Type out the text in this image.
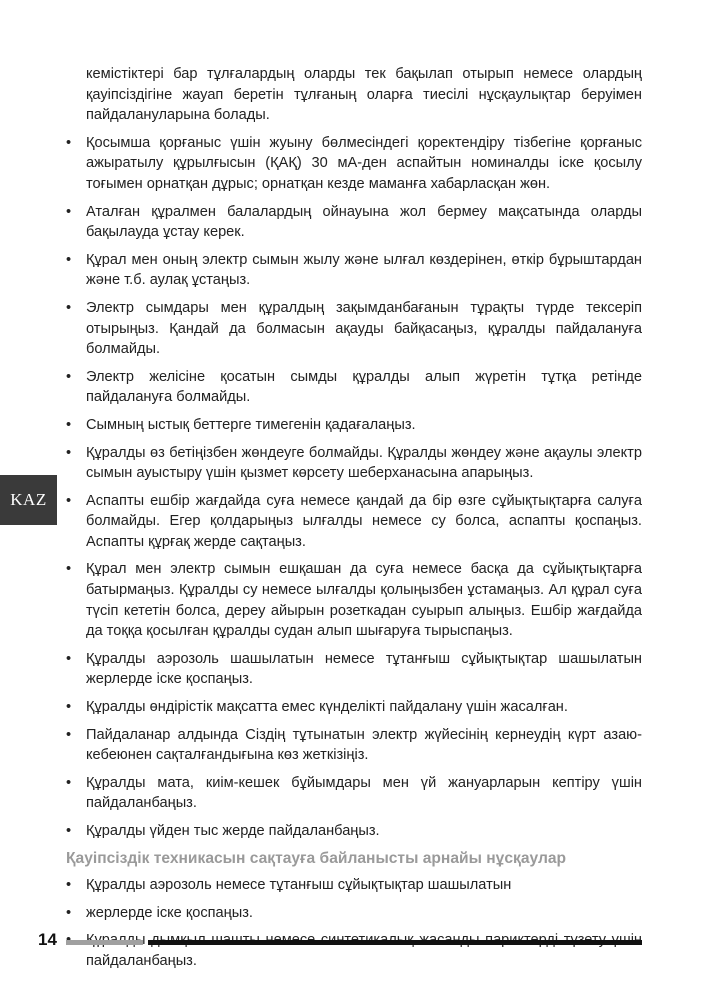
KAZ
кемістіктері бар тұлғалардың оларды тек бақылап отырып немесе олардың қауіпсіздігіне жауап беретін тұлғаның оларға тиесілі нұсқаулықтар беруімен пайдалануларына болады.
• Қосымша қорғаныс үшін жуыну бөлмесіндегі қоректендіру тізбегіне қорғаныс ажыратылу құрылғысын (ҚАҚ) 30 мА-ден аспайтын номиналды іске қосылу тоғымен орнатқан дұрыс; орнатқан кезде маманға хабарласқан жөн.
• Аталған құралмен балалардың ойнауына жол бермеу мақсатында оларды бақылауда ұстау керек.
• Құрал мен оның электр сымын жылу және ылғал көздерінен, өткір бұрыштардан және т.б. аулақ ұстаңыз.
• Электр сымдары мен құралдың зақымданбағанын тұрақты түрде тексеріп отырыңыз. Қандай да болмасын ақауды байқасаңыз, құралды пайдалануға болмайды.
• Электр желісіне қосатын сымды құралды алып жүретін тұтқа ретінде пайдалануға болмайды.
• Сымның ыстық беттерге тимегенін қадағалаңыз.
• Құралды өз бетіңізбен жөндеуге болмайды. Құралды жөндеу және ақаулы электр сымын ауыстыру үшін қызмет көрсету шеберханасына апарыңыз.
• Аспапты ешбір жағдайда суға немесе қандай да бір өзге сұйықтықтарға салуға болмайды. Егер қолдарыңыз ылғалды немесе су болса, аспапты қоспаңыз. Аспапты құрғақ жерде сақтаңыз.
• Құрал мен электр сымын ешқашан да суға немесе басқа да сұйықтықтарға батырмаңыз. Құралды су немесе ылғалды қолыңызбен ұстамаңыз. Ал құрал суға түсіп кететін болса, дереу айырын розеткадан суырып алыңыз. Ешбір жағдайда да тоққа қосылған құралды судан алып шығаруға тырыспаңыз.
• Құралды аэрозоль шашылатын немесе тұтанғыш сұйықтықтар шашылатын жерлерде іске қоспаңыз.
• Құралды өндірістік мақсатта емес күнделікті пайдалану үшін жасалған.
• Пайдаланар алдында Сіздің тұтынатын электр жүйесінің кернеудің күрт азаю-кебеюнен сақталғандығына көз жеткізіңіз.
• Құралды мата, киім-кешек бұйымдары мен үй жануарларын кептіру үшін пайдаланбаңыз.
• Құралды үйден тыс жерде пайдаланбаңыз.
Қауіпсіздік техникасын сақтауға байланысты арнайы нұсқаулар
• Құралды аэрозоль немесе тұтанғыш сұйықтықтар шашылатын
• жерлерде іске қоспаңыз.
• пайдаланбаңыз.
14
